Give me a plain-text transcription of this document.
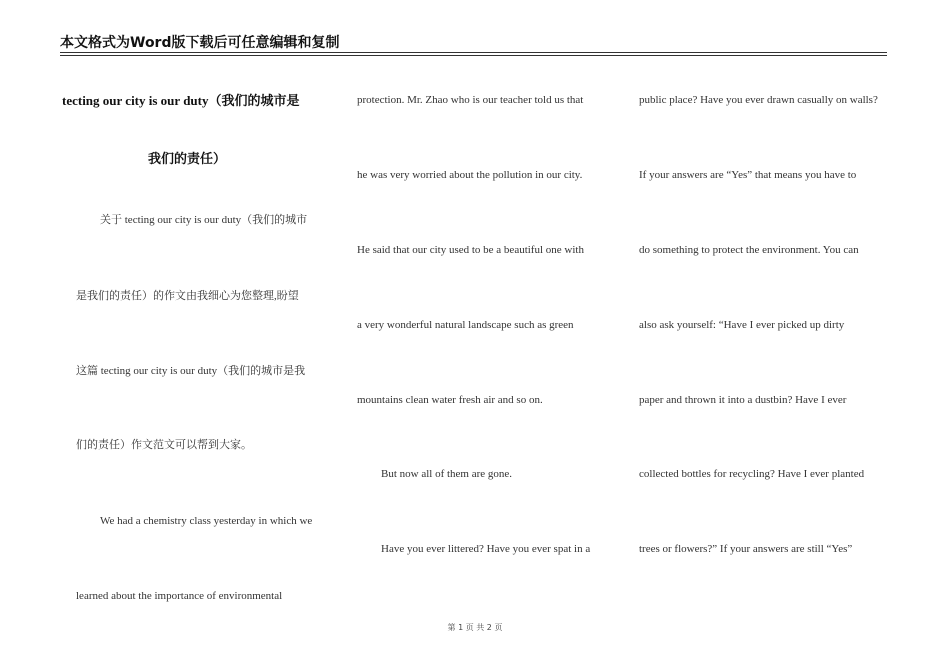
本文格式为Word版下载后可任意编辑和复制
tecting our city is our duty（我们的城市是
我们的责任）
关于 tecting our city is our duty（我们的城市
是我们的责任）的作文由我细心为您整理,盼望
这篇 tecting our city is our duty（我们的城市是我
们的责任）作文范文可以帮到大家。
We had a chemistry class yesterday in which we
learned about the importance of environmental
protection. Mr. Zhao who is our teacher told us that
he was very worried about the pollution in our city.
He said that our city used to be a beautiful one with
a very wonderful natural landscape such as green
mountains clean water fresh air and so on.
But now all of them are gone.
Have you ever littered? Have you ever spat in a
public place? Have you ever drawn casually on walls?
If your answers are “Yes” that means you have to
do something to protect the environment. You can
also ask yourself: “Have I ever picked up dirty
paper and thrown it into a dustbin? Have I ever
collected bottles for recycling? Have I ever planted
trees or flowers?” If your answers are still “Yes”
第 1 页 共 2 页
